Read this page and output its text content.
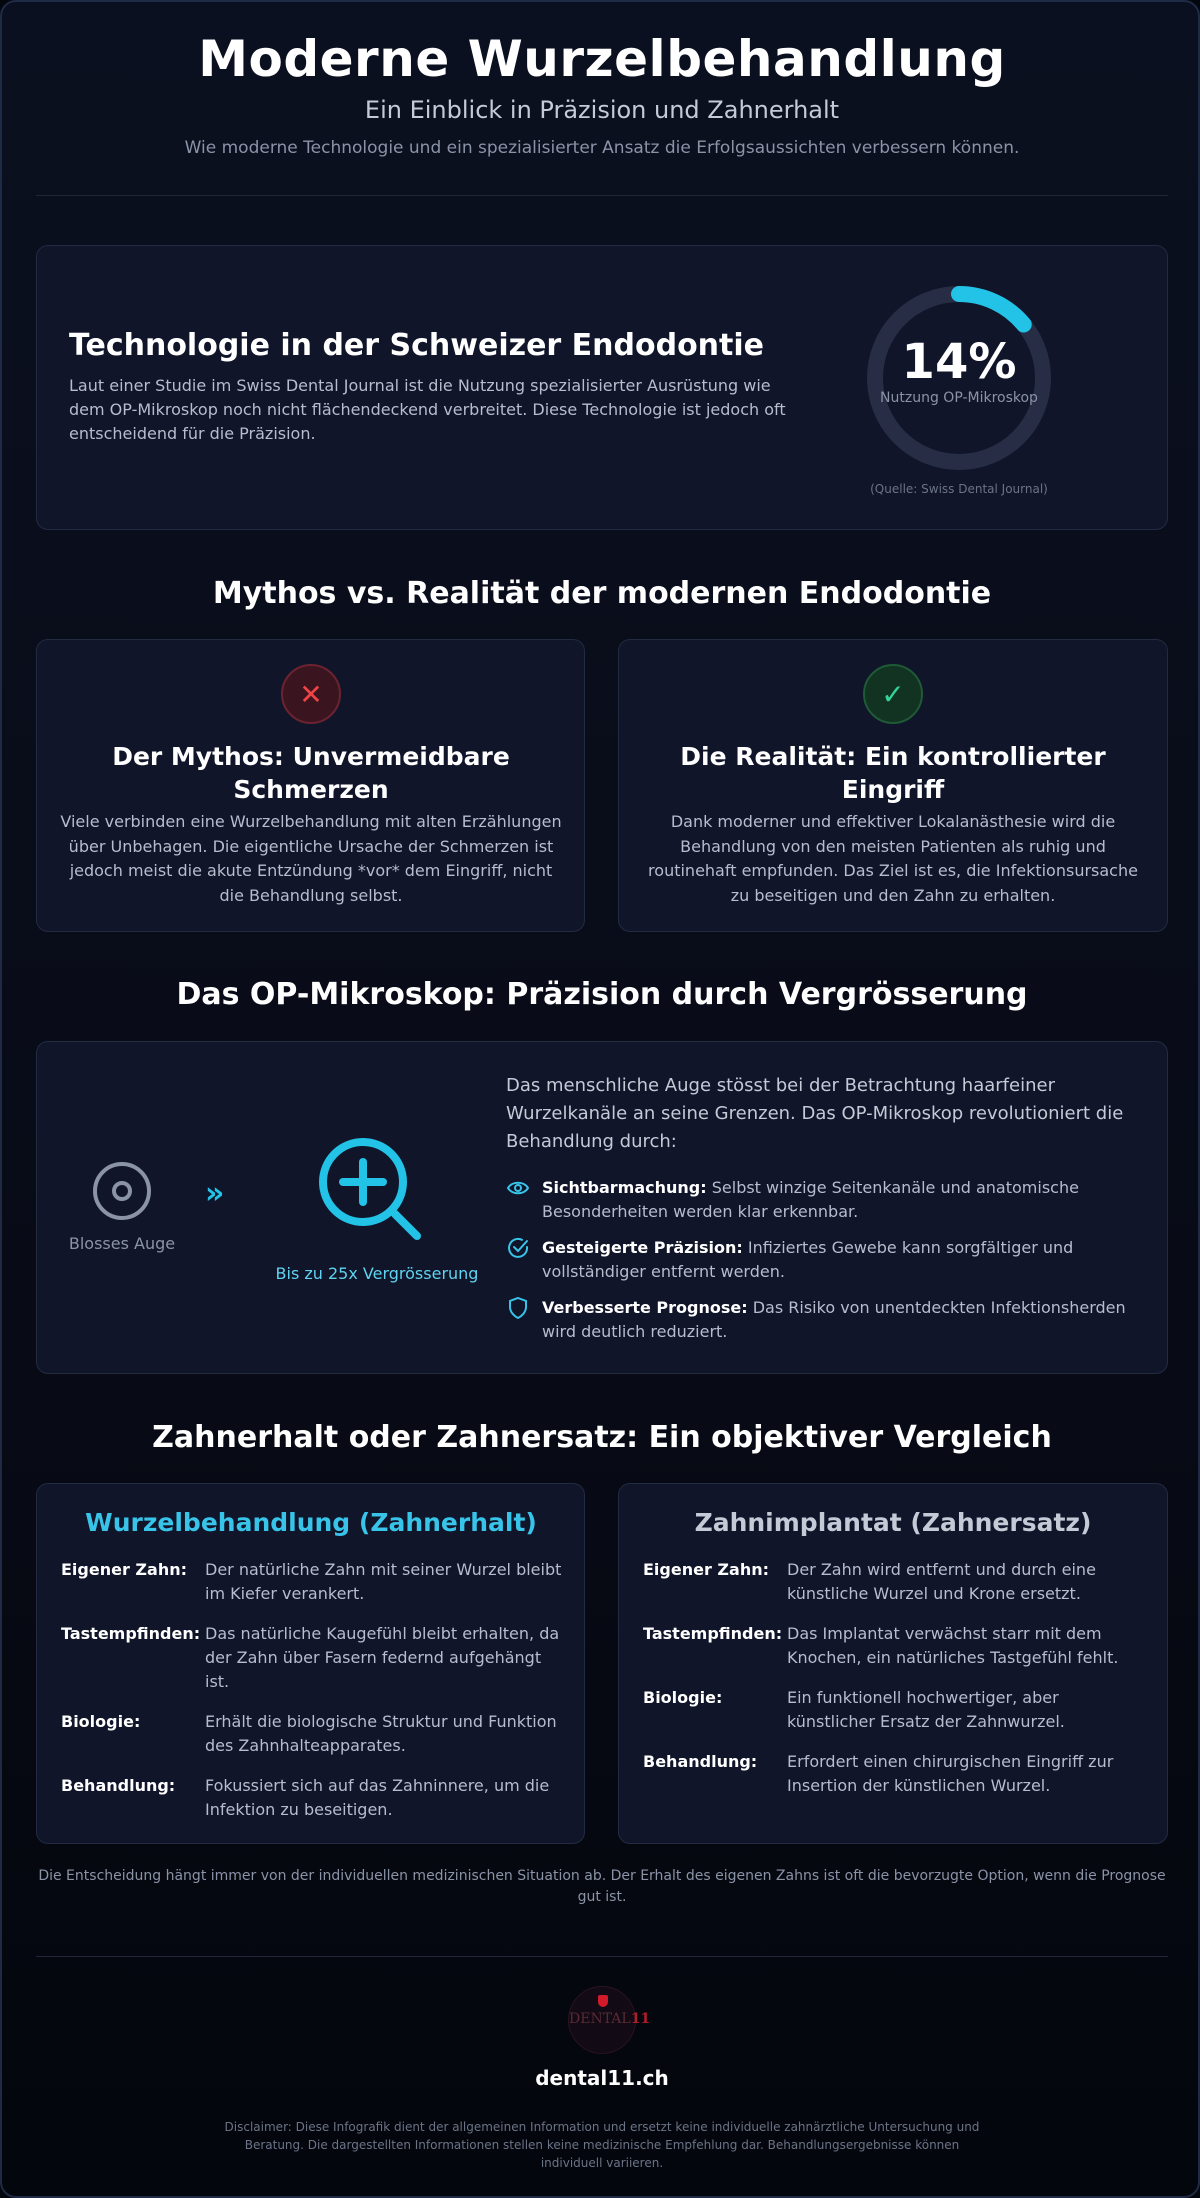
Moderne Wurzelbehandlung
Ein Einblick in Präzision und Zahnerhalt
Wie moderne Technologie und ein spezialisierter Ansatz die Erfolgsaussichten verbessern können.
Technologie in der Schweizer Endodontie
Laut einer Studie im Swiss Dental Journal ist die Nutzung spezialisierter Ausrüstung wie dem OP-Mikroskop noch nicht flächendeckend verbreitet. Diese Technologie ist jedoch oft entscheidend für die Präzision.
14%
Nutzung OP-Mikroskop
(Quelle: Swiss Dental Journal)
Mythos vs. Realität der modernen Endodontie
✕
Der Mythos: Unvermeidbare Schmerzen
Viele verbinden eine Wurzelbehandlung mit alten Erzählungen über Unbehagen. Die eigentliche Ursache der Schmerzen ist jedoch meist die akute Entzündung *vor* dem Eingriff, nicht die Behandlung selbst.
✓
Die Realität: Ein kontrollierter Eingriff
Dank moderner und effektiver Lokalanästhesie wird die Behandlung von den meisten Patienten als ruhig und routinehaft empfunden. Das Ziel ist es, die Infektionsursache zu beseitigen und den Zahn zu erhalten.
Das OP-Mikroskop: Präzision durch Vergrösserung
Blosses Auge
»
Bis zu 25x Vergrösserung
Das menschliche Auge stösst bei der Betrachtung haarfeiner Wurzelkanäle an seine Grenzen. Das OP-Mikroskop revolutioniert die Behandlung durch:
Sichtbarmachung: Selbst winzige Seitenkanäle und anatomische Besonderheiten werden klar erkennbar.
Gesteigerte Präzision: Infiziertes Gewebe kann sorgfältiger und vollständiger entfernt werden.
Verbesserte Prognose: Das Risiko von unentdeckten Infektionsherden wird deutlich reduziert.
Zahnerhalt oder Zahnersatz: Ein objektiver Vergleich
Wurzelbehandlung (Zahnerhalt)
Eigener Zahn:	Der natürliche Zahn mit seiner Wurzel bleibt im Kiefer verankert.
Tastempfinden: Das natürliche Kaugefühl bleibt erhalten, da der Zahn über Fasern federnd aufgehängt ist.
Biologie:	Erhält die biologische Struktur und Funktion des Zahnhalteapparates.
Behandlung:	Fokussiert sich auf das Zahninnere, um die Infektion zu beseitigen.
Zahnimplantat (Zahnersatz)
Eigener Zahn:	Der Zahn wird entfernt und durch eine künstliche Wurzel und Krone ersetzt.
Tastempfinden: Das Implantat verwächst starr mit dem Knochen, ein natürliches Tastgefühl fehlt.
Biologie:	Ein funktionell hochwertiger, aber künstlicher Ersatz der Zahnwurzel.
Behandlung:	Erfordert einen chirurgischen Eingriff zur Insertion der künstlichen Wurzel.
Die Entscheidung hängt immer von der individuellen medizinischen Situation ab. Der Erhalt des eigenen Zahns ist oft die bevorzugte Option, wenn die Prognose gut ist.
DENTAL11
dental11.ch
Disclaimer: Diese Infografik dient der allgemeinen Information und ersetzt keine individuelle zahnärztliche Untersuchung und Beratung. Die dargestellten Informationen stellen keine medizinische Empfehlung dar. Behandlungsergebnisse können individuell variieren.
